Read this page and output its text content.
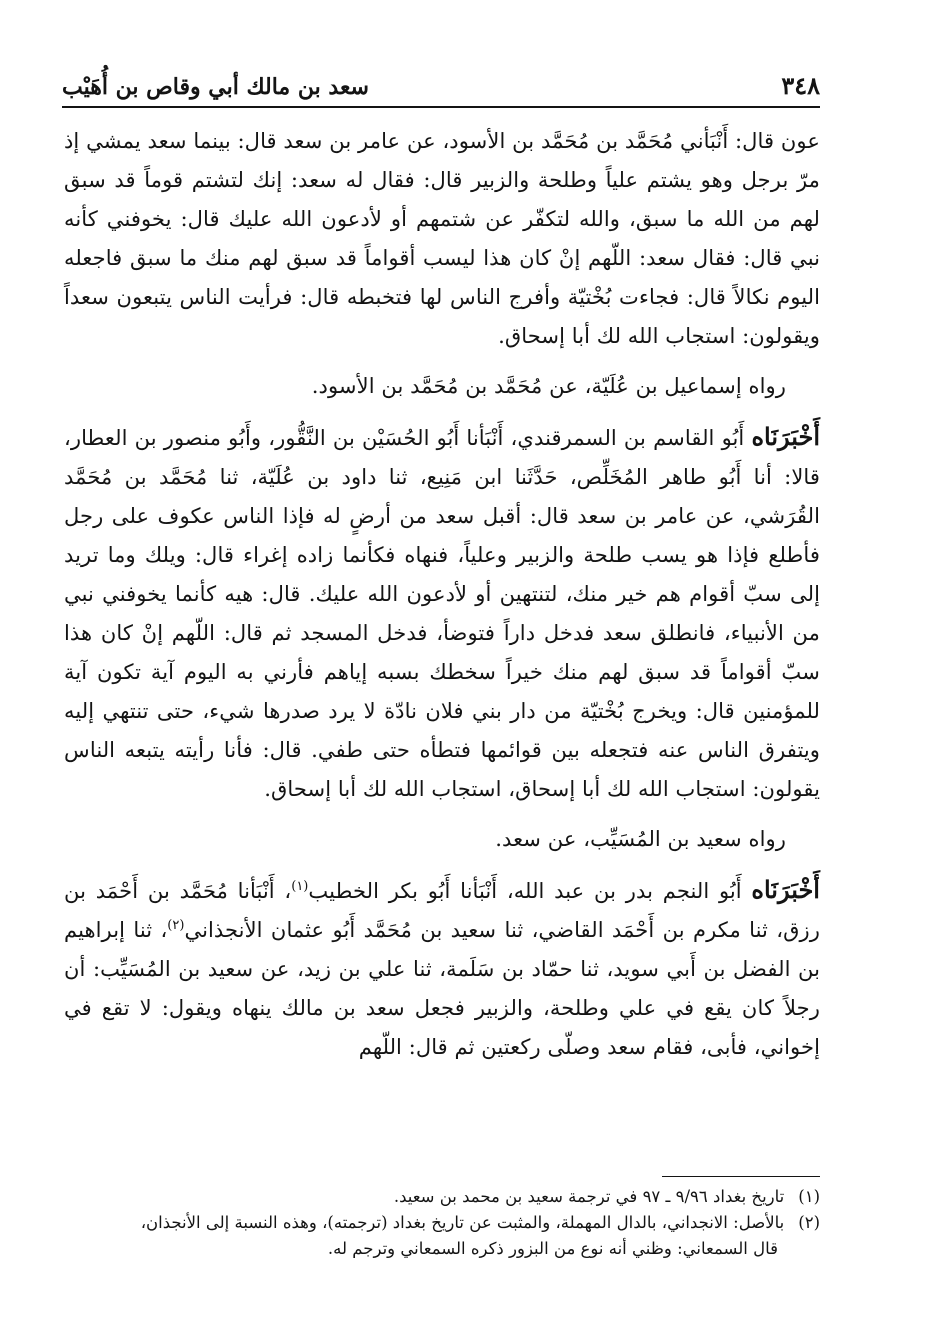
٣٤٨
سعد بن مالك أبي وقاص بن أُهَيْب

عون قال: أَنْبَأني مُحَمَّد بن مُحَمَّد بن الأسود، عن عامر بن سعد قال: بينما سعد يمشي إذ مرّ برجل وهو يشتم علياً وطلحة والزبير قال: فقال له سعد: إنك لتشتم قوماً قد سبق لهم من الله ما سبق، والله لتكفّر عن شتمهم أو لأدعون الله عليك قال: يخوفني كأنه نبي قال: فقال سعد: اللّهم إنْ كان هذا ليسب أقواماً قد سبق لهم منك ما سبق فاجعله اليوم نكالاً قال: فجاءت بُخْتيّة وأفرج الناس لها فتخبطه قال: فرأيت الناس يتبعون سعداً ويقولون: استجاب الله لك أبا إسحاق.

رواه إسماعيل بن عُلَيّة، عن مُحَمَّد بن مُحَمَّد بن الأسود.

أَخْبَرَنَاه أَبُو القاسم بن السمرقندي، أَنْبَأنا أَبُو الحُسَيْن بن النَّقُّور، وأَبُو منصور بن العطار، قالا: أنا أَبُو طاهر المُخَلِّص، حَدَّثَنا ابن مَنِيع، ثنا داود بن عُلَيّة، ثنا مُحَمَّد بن مُحَمَّد القُرَشي، عن عامر بن سعد قال: أقبل سعد من أرضٍ له فإذا الناس عكوف على رجل فأطلع فإذا هو يسب طلحة والزبير وعلياً، فنهاه فكأنما زاده إغراء قال: ويلك وما تريد إلى سبّ أقوام هم خير منك، لتنتهين أو لأدعون الله عليك. قال: هيه كأنما يخوفني نبي من الأنبياء، فانطلق سعد فدخل داراً فتوضأ، فدخل المسجد ثم قال: اللّهم إنْ كان هذا سبّ أقواماً قد سبق لهم منك خيراً سخطك بسبه إياهم فأرني به اليوم آية تكون آية للمؤمنين قال: ويخرج بُخْتيّة من دار بني فلان نادّة لا يرد صدرها شيء، حتى تنتهي إليه ويتفرق الناس عنه فتجعله بين قوائمها فتطأه حتى طفي. قال: فأنا رأيته يتبعه الناس يقولون: استجاب الله لك أبا إسحاق، استجاب الله لك أبا إسحاق.

رواه سعيد بن المُسَيِّب، عن سعد.

أَخْبَرَنَاه أَبُو النجم بدر بن عبد الله، أَنْبَأنا أَبُو بكر الخطيب$^{(١)}$، أَنْبَأنا مُحَمَّد بن أَحْمَد بن رزق، ثنا مكرم بن أَحْمَد القاضي، ثنا سعيد بن مُحَمَّد أَبُو عثمان الأنجذاني$^{(٢)}$، ثنا إبراهيم بن الفضل بن أَبي سويد، ثنا حمّاد بن سَلَمة، ثنا علي بن زيد، عن سعيد بن المُسَيِّب: أن رجلاً كان يقع في علي وطلحة، والزبير فجعل سعد بن مالك ينهاه ويقول: لا تقع في إخواني، فأبى، فقام سعد وصلّى ركعتين ثم قال: اللّهم

(١)تاريخ بغداد ٩/٩٦ ـ ٩٧ في ترجمة سعيد بن محمد بن سعيد.

(٢)بالأصل: الانجداني، بالدال المهملة، والمثبت عن تاريخ بغداد (ترجمته)، وهذه النسبة إلى الأنجذان،

قال السمعاني: وظني أنه نوع من البزور ذكره السمعاني وترجم له.
